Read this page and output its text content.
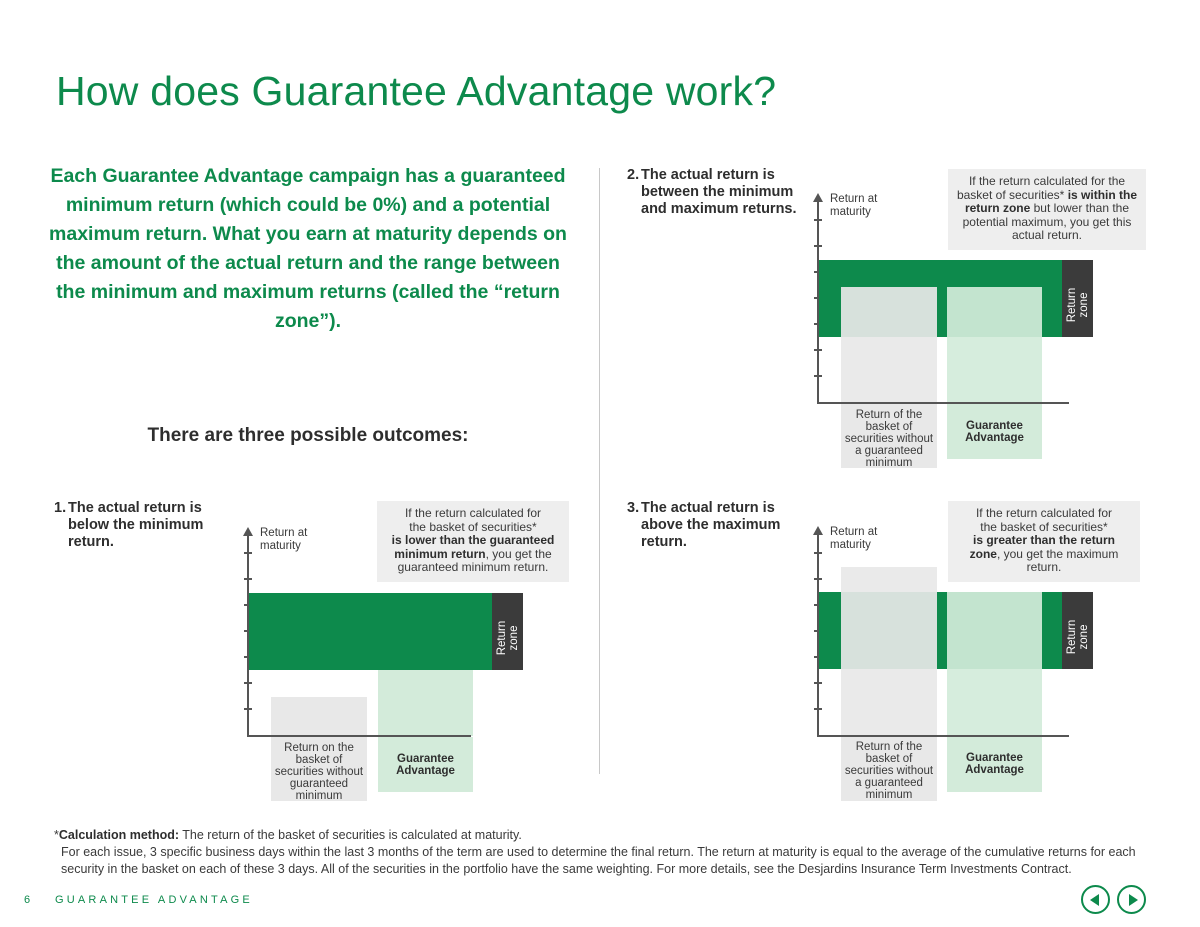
How does Guarantee Advantage work?

Each Guarantee Advantage campaign has a guaranteed minimum return (which could be 0%) and a potential maximum return. What you earn at maturity depends on the amount of the actual return and the range between the minimum and maximum returns (called the “return zone”).

There are three possible outcomes:
1. The actual return is below the minimum return.
If the return calculated for
the basket of securities*
is lower than the guaranteed minimum return, you get the guaranteed minimum return.
Return at maturity
Return
zone
Return on the basket of securities without guaranteed minimum
Guarantee Advantage
2. The actual return is between the minimum and maximum returns.
If the return calculated for the
basket of securities* is within the return zone but lower than the potential maximum, you get this actual return.
Return at maturity
Return
zone
Return of the basket of securities without a guaranteed minimum
Guarantee Advantage
3. The actual return is above the maximum return.
If the return calculated for
the basket of securities*
is greater than the return zone, you get the maximum return.
Return at maturity
Return
zone
Return of the basket of securities without a guaranteed minimum
Guarantee Advantage
*Calculation method: The return of the basket of securities is calculated at maturity.
For each issue, 3 specific business days within the last 3 months of the term are used to determine the final return. The return at maturity is equal to the average of the cumulative returns for each security in the basket on each of these 3 days. All of the securities in the portfolio have the same weighting. For more details, see the Desjardins Insurance Term Investments Contract.
6 GUARANTEE ADVANTAGE
